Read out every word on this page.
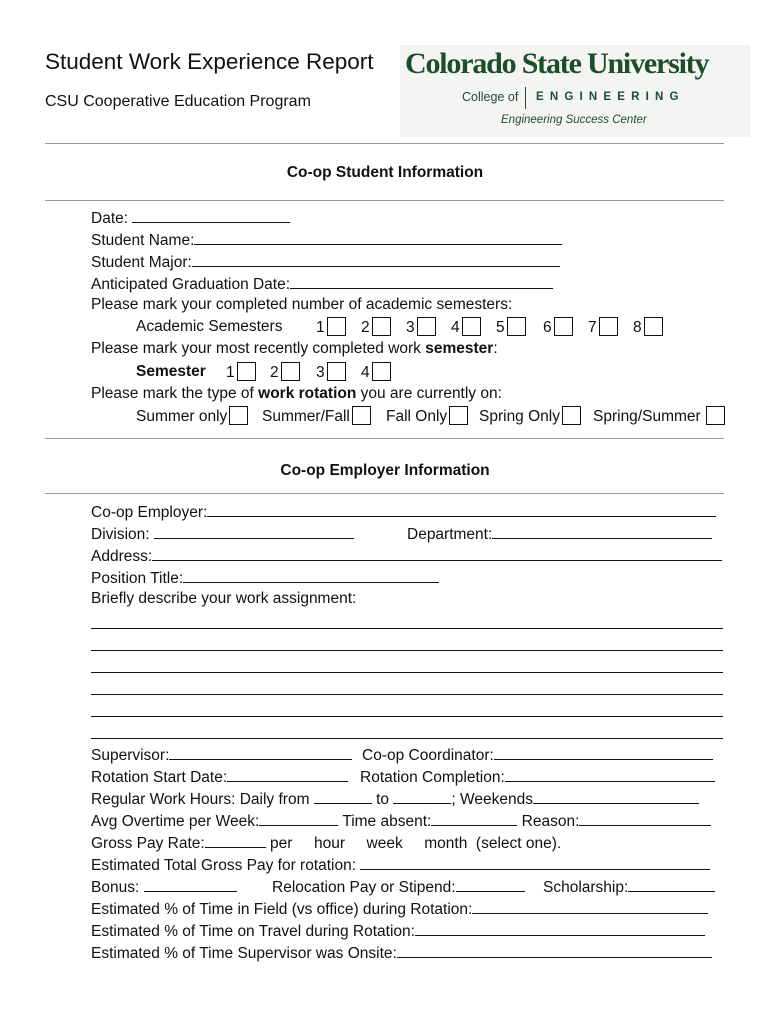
Student Work Experience Report
CSU Cooperative Education Program
Colorado State University
College of E N G I N E E R I N G
Engineering Success Center
Co-op Student Information
Date:
Student Name:
Student Major:
Anticipated Graduation Date:
Please mark your completed number of academic semesters:
Academic Semesters 1	2	3	4	5	6	7	8
Please mark your most recently completed work semester:
Semester 1	2	3	4
Please mark the type of work rotation you are currently on:
Summer only	Summer/Fall	Fall Only	Spring Only	Spring/Summer
Co-op Employer Information
Co-op Employer:
Division:	Department:
Address:
Position Title:
Briefly describe your work assignment:
Supervisor:	Co-op Coordinator:
Rotation Start Date:	Rotation Completion:
Regular Work Hours: Daily from	to	; Weekends
Avg Overtime per Week:	Time absent:	Reason:
Gross Pay Rate:	per     hour     week     month  (select one).
Estimated Total Gross Pay for rotation:
Bonus:	Relocation Pay or Stipend:	Scholarship:
Estimated % of Time in Field (vs office) during Rotation:
Estimated % of Time on Travel during Rotation:
Estimated % of Time Supervisor was Onsite:
